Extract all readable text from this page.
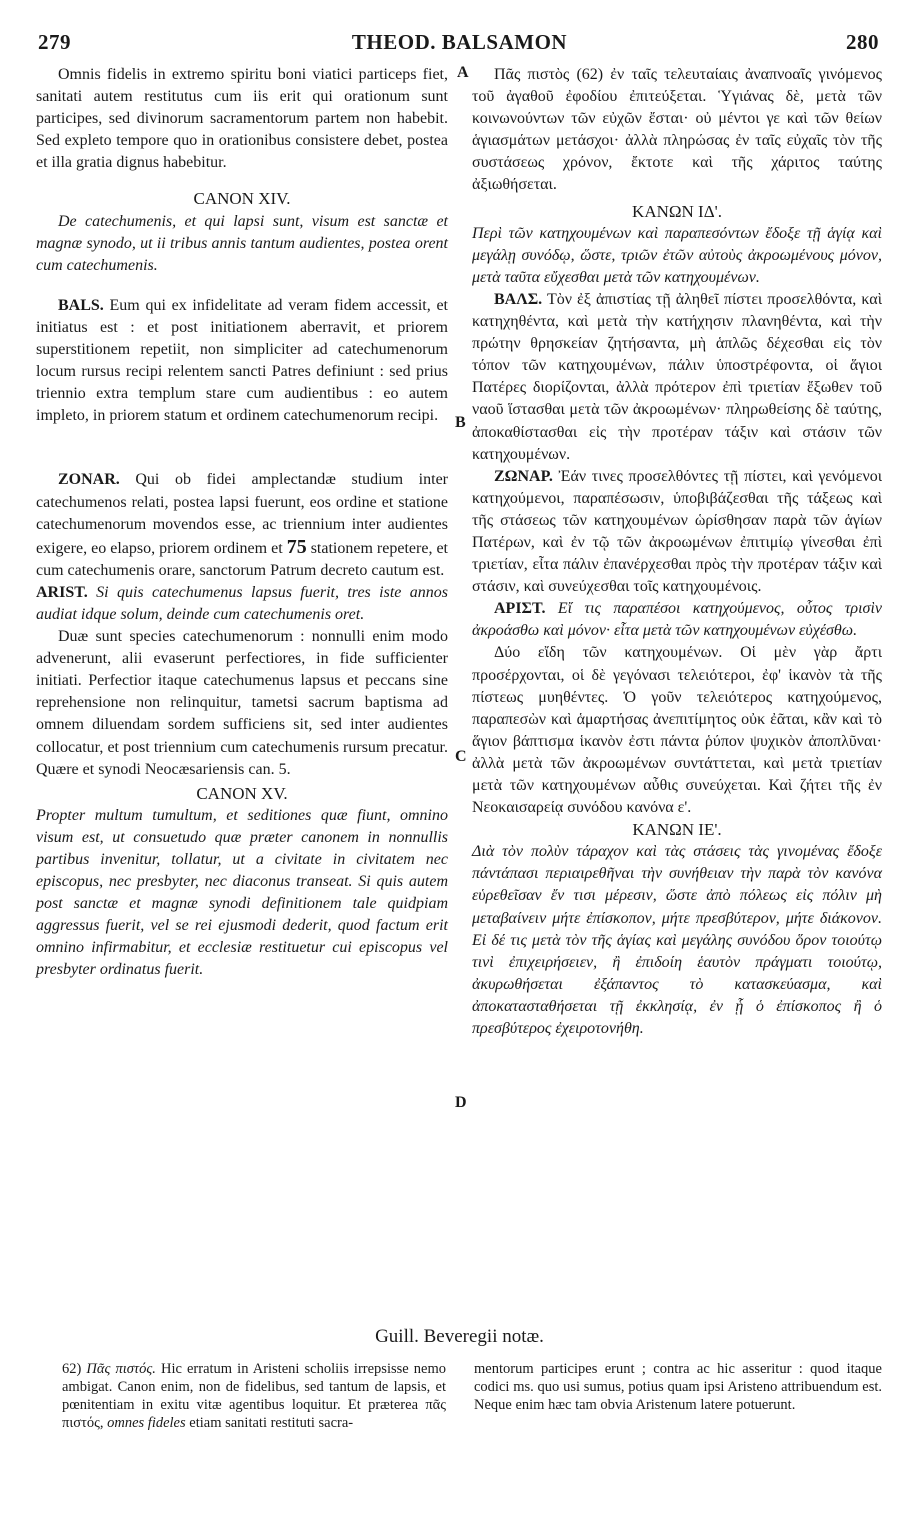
279	THEOD. BALSAMON	280
A
B
C
D

Omnis fidelis in extremo spiritu boni viatici particeps fiet, sanitati autem restitutus cum iis erit qui orationum sunt participes, sed divinorum sacramentorum partem non habebit. Sed expleto tempore quo in orationibus consistere debet, postea et illa gratia dignus habebitur.

CANON XIV.

De catechumenis, et qui lapsi sunt, visum est sanctæ et magnæ synodo, ut ii tribus annis tantum audientes, postea orent cum catechumenis.

BALS. Eum qui ex infidelitate ad veram fidem accessit, et initiatus est : et post initiationem aberravit, et priorem superstitionem repetiit, non simpliciter ad catechumenorum locum rursus recipi relentem sancti Patres definiunt : sed prius triennio extra templum stare cum audientibus : eo autem impleto, in priorem statum et ordinem catechumenorum recipi.

ZONAR. Qui ob fidei amplectandæ studium inter catechumenos relati, postea lapsi fuerunt, eos ordine et statione catechumenorum movendos esse, ac triennium inter audientes exigere, eo elapso, priorem ordinem et 75 stationem repetere, et cum catechumenis orare, sanctorum Patrum decreto cautum est.

ARIST. Si quis catechumenus lapsus fuerit, tres iste annos audiat idque solum, deinde cum catechumenis oret.

Duæ sunt species catechumenorum : nonnulli enim modo advenerunt, alii evaserunt perfectiores, in fide sufficienter initiati. Perfectior itaque catechumenus lapsus et peccans sine reprehensione non relinquitur, tametsi sacrum baptisma ad omnem diluendam sordem sufficiens sit, sed inter audientes collocatur, et post triennium cum catechumenis rursum precatur. Quære et synodi Neocæsariensis can. 5.

CANON XV.

Propter multum tumultum, et seditiones quæ fiunt, omnino visum est, ut consuetudo quæ præter canonem in nonnullis partibus invenitur, tollatur, ut a civitate in civitatem nec episcopus, nec presbyter, nec diaconus transeat. Si quis autem post sanctæ et magnæ synodi definitionem tale quidpiam aggressus fuerit, vel se rei ejusmodi dederit, quod factum erit omnino infirmabitur, et ecclesiæ restituetur cui episcopus vel presbyter ordinatus fuerit.

Πᾶς πιστὸς (62) ἐν ταῖς τελευταίαις ἀναπνοαῖς γινόμενος τοῦ ἀγαθοῦ ἐφοδίου ἐπιτεύξεται. Ὑγιάνας δὲ, μετὰ τῶν κοινωνούντων τῶν εὐχῶν ἔσται· οὐ μέντοι γε καὶ τῶν θείων ἁγιασμάτων μετάσχοι· ἀλλὰ πληρώσας ἐν ταῖς εὐχαῖς τὸν τῆς συστάσεως χρόνον, ἔκτοτε καὶ τῆς χάριτος ταύτης ἀξιωθήσεται.

ΚΑΝΩΝ ΙΔ'.

Περὶ τῶν κατηχουμένων καὶ παραπεσόντων ἔδοξε τῇ ἁγίᾳ καὶ μεγάλῃ συνόδῳ, ὥστε, τριῶν ἐτῶν αὐτοὺς ἀκροωμένους μόνον, μετὰ ταῦτα εὔχεσθαι μετὰ τῶν κατηχουμένων.

ΒΑΛΣ. Τὸν ἐξ ἀπιστίας τῇ ἀληθεῖ πίστει προσελθόντα, καὶ κατηχηθέντα, καὶ μετὰ τὴν κατήχησιν πλανηθέντα, καὶ τὴν πρώτην θρησκείαν ζητήσαντα, μὴ ἁπλῶς δέχεσθαι εἰς τὸν τόπον τῶν κατηχουμένων, πάλιν ὑποστρέφοντα, οἱ ἅγιοι Πατέρες διορίζονται, ἀλλὰ πρότερον ἐπὶ τριετίαν ἔξωθεν τοῦ ναοῦ ἵστασθαι μετὰ τῶν ἀκροωμένων· πληρωθείσης δὲ ταύτης, ἀποκαθίστασθαι εἰς τὴν προτέραν τάξιν καὶ στάσιν τῶν κατηχουμένων.

ΖΩΝΑΡ. Ἐάν τινες προσελθόντες τῇ πίστει, καὶ γενόμενοι κατηχούμενοι, παραπέσωσιν, ὑποβιβάζεσθαι τῆς τάξεως καὶ τῆς στάσεως τῶν κατηχουμένων ὡρίσθησαν παρὰ τῶν ἁγίων Πατέρων, καὶ ἐν τῷ τῶν ἀκροωμένων ἐπιτιμίῳ γίνεσθαι ἐπὶ τριετίαν, εἶτα πάλιν ἐπανέρχεσθαι πρὸς τὴν προτέραν τάξιν καὶ στάσιν, καὶ συνεύχεσθαι τοῖς κατηχουμένοις.

ΑΡΙΣΤ. Εἴ τις παραπέσοι κατηχούμενος, οὗτος τρισὶν ἀκροάσθω καὶ μόνον· εἶτα μετὰ τῶν κατηχουμένων εὐχέσθω.

Δύο εἴδη τῶν κατηχουμένων. Οἱ μὲν γὰρ ἄρτι προσέρχονται, οἱ δὲ γεγόνασι τελειότεροι, ἐφ' ἱκανὸν τὰ τῆς πίστεως μυηθέντες. Ὁ γοῦν τελειότερος κατηχούμενος, παραπεσὼν καὶ ἁμαρτήσας ἀνεπιτίμητος οὐκ ἐᾶται, κἂν καὶ τὸ ἅγιον βάπτισμα ἱκανὸν ἐστι πάντα ῥύπον ψυχικὸν ἀποπλῦναι· ἀλλὰ μετὰ τῶν ἀκροωμένων συντάττεται, καὶ μετὰ τριετίαν μετὰ τῶν κατηχουμένων αὖθις συνεύχεται. Καὶ ζήτει τῆς ἐν Νεοκαισαρείᾳ συνόδου κανόνα ε'.

ΚΑΝΩΝ ΙΕ'.

Διὰ τὸν πολὺν τάραχον καὶ τὰς στάσεις τὰς γινομένας ἔδοξε πάντάπασι περιαιρεθῆναι τὴν συνήθειαν τὴν παρὰ τὸν κανόνα εὑρεθεῖσαν ἔν τισι μέρεσιν, ὥστε ἀπὸ πόλεως εἰς πόλιν μὴ μεταβαίνειν μήτε ἐπίσκοπον, μήτε πρεσβύτερον, μήτε διάκονον. Εἰ δέ τις μετὰ τὸν τῆς ἁγίας καὶ μεγάλης συνόδου ὅρον τοιούτῳ τινὶ ἐπιχειρήσειεν, ἢ ἐπιδοίη ἑαυτὸν πράγματι τοιούτῳ, ἀκυρωθήσεται ἐξάπαντος τὸ κατασκεύασμα, καὶ ἀποκατασταθήσεται τῇ ἐκκλησίᾳ, ἐν ᾗ ὁ ἐπίσκοπος ἢ ὁ πρεσβύτερος ἐχειροτονήθη.

Guill. Beveregii notæ.

62) Πᾶς πιστός. Hic erratum in Aristeni scholiis irrepsisse nemo ambigat. Canon enim, non de fidelibus, sed tantum de lapsis, et pœnitentiam in exitu vitæ agentibus loquitur. Et præterea πᾶς πιστός, omnes fideles etiam sanitati restituti sacra-

mentorum participes erunt ; contra ac hic asseritur : quod itaque codici ms. quo usi sumus, potius quam ipsi Aristeno attribuendum est. Neque enim hæc tam obvia Aristenum latere potuerunt.
